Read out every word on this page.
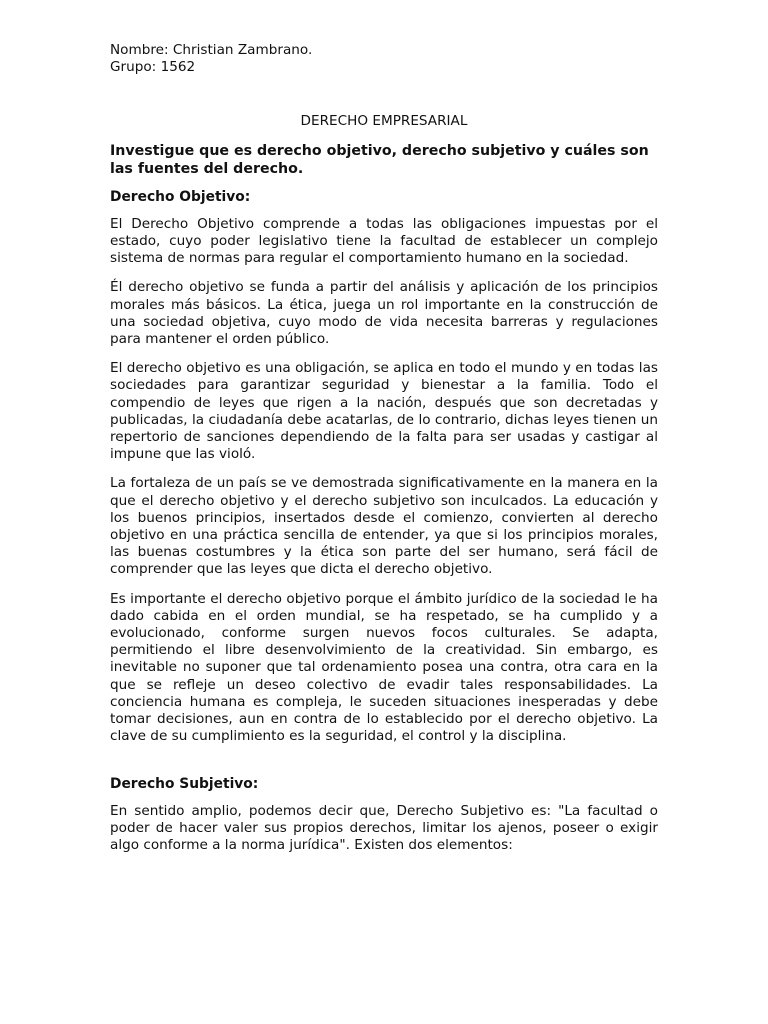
Nombre: Christian Zambrano.

Grupo: 1562

DERECHO EMPRESARIAL

Investigue que es derecho objetivo, derecho subjetivo y cuáles son las fuentes del derecho.

Derecho Objetivo:

El Derecho Objetivo comprende a todas las obligaciones impuestas por el estado, cuyo poder legislativo tiene la facultad de establecer un complejo sistema de normas para regular el comportamiento humano en la sociedad.

Él derecho objetivo se funda a partir del análisis y aplicación de los principios morales más básicos. La ética, juega un rol importante en la construcción de una sociedad objetiva, cuyo modo de vida necesita barreras y regulaciones para mantener el orden público.

El derecho objetivo es una obligación, se aplica en todo el mundo y en todas las sociedades para garantizar seguridad y bienestar a la familia. Todo el compendio de leyes que rigen a la nación, después que son decretadas y publicadas, la ciudadanía debe acatarlas, de lo contrario, dichas leyes tienen un repertorio de sanciones dependiendo de la falta para ser usadas y castigar al impune que las violó.

La fortaleza de un país se ve demostrada significativamente en la manera en la que el derecho objetivo y el derecho subjetivo son inculcados. La educación y los buenos principios, insertados desde el comienzo, convierten al derecho objetivo en una práctica sencilla de entender, ya que si los principios morales, las buenas costumbres y la ética son parte del ser humano, será fácil de comprender que las leyes que dicta el derecho objetivo.

Es importante el derecho objetivo porque el ámbito jurídico de la sociedad le ha dado cabida en el orden mundial, se ha respetado, se ha cumplido y a evolucionado, conforme surgen nuevos focos culturales. Se adapta, permitiendo el libre desenvolvimiento de la creatividad. Sin embargo, es inevitable no suponer que tal ordenamiento posea una contra, otra cara en la que se refleje un deseo colectivo de evadir tales responsabilidades. La conciencia humana es compleja, le suceden situaciones inesperadas y debe tomar decisiones, aun en contra de lo establecido por el derecho objetivo. La clave de su cumplimiento es la seguridad, el control y la disciplina.

Derecho Subjetivo:

En sentido amplio, podemos decir que, Derecho Subjetivo es: "La facultad o poder de hacer valer sus propios derechos, limitar los ajenos, poseer o exigir algo conforme a la norma jurídica". Existen dos elementos:
